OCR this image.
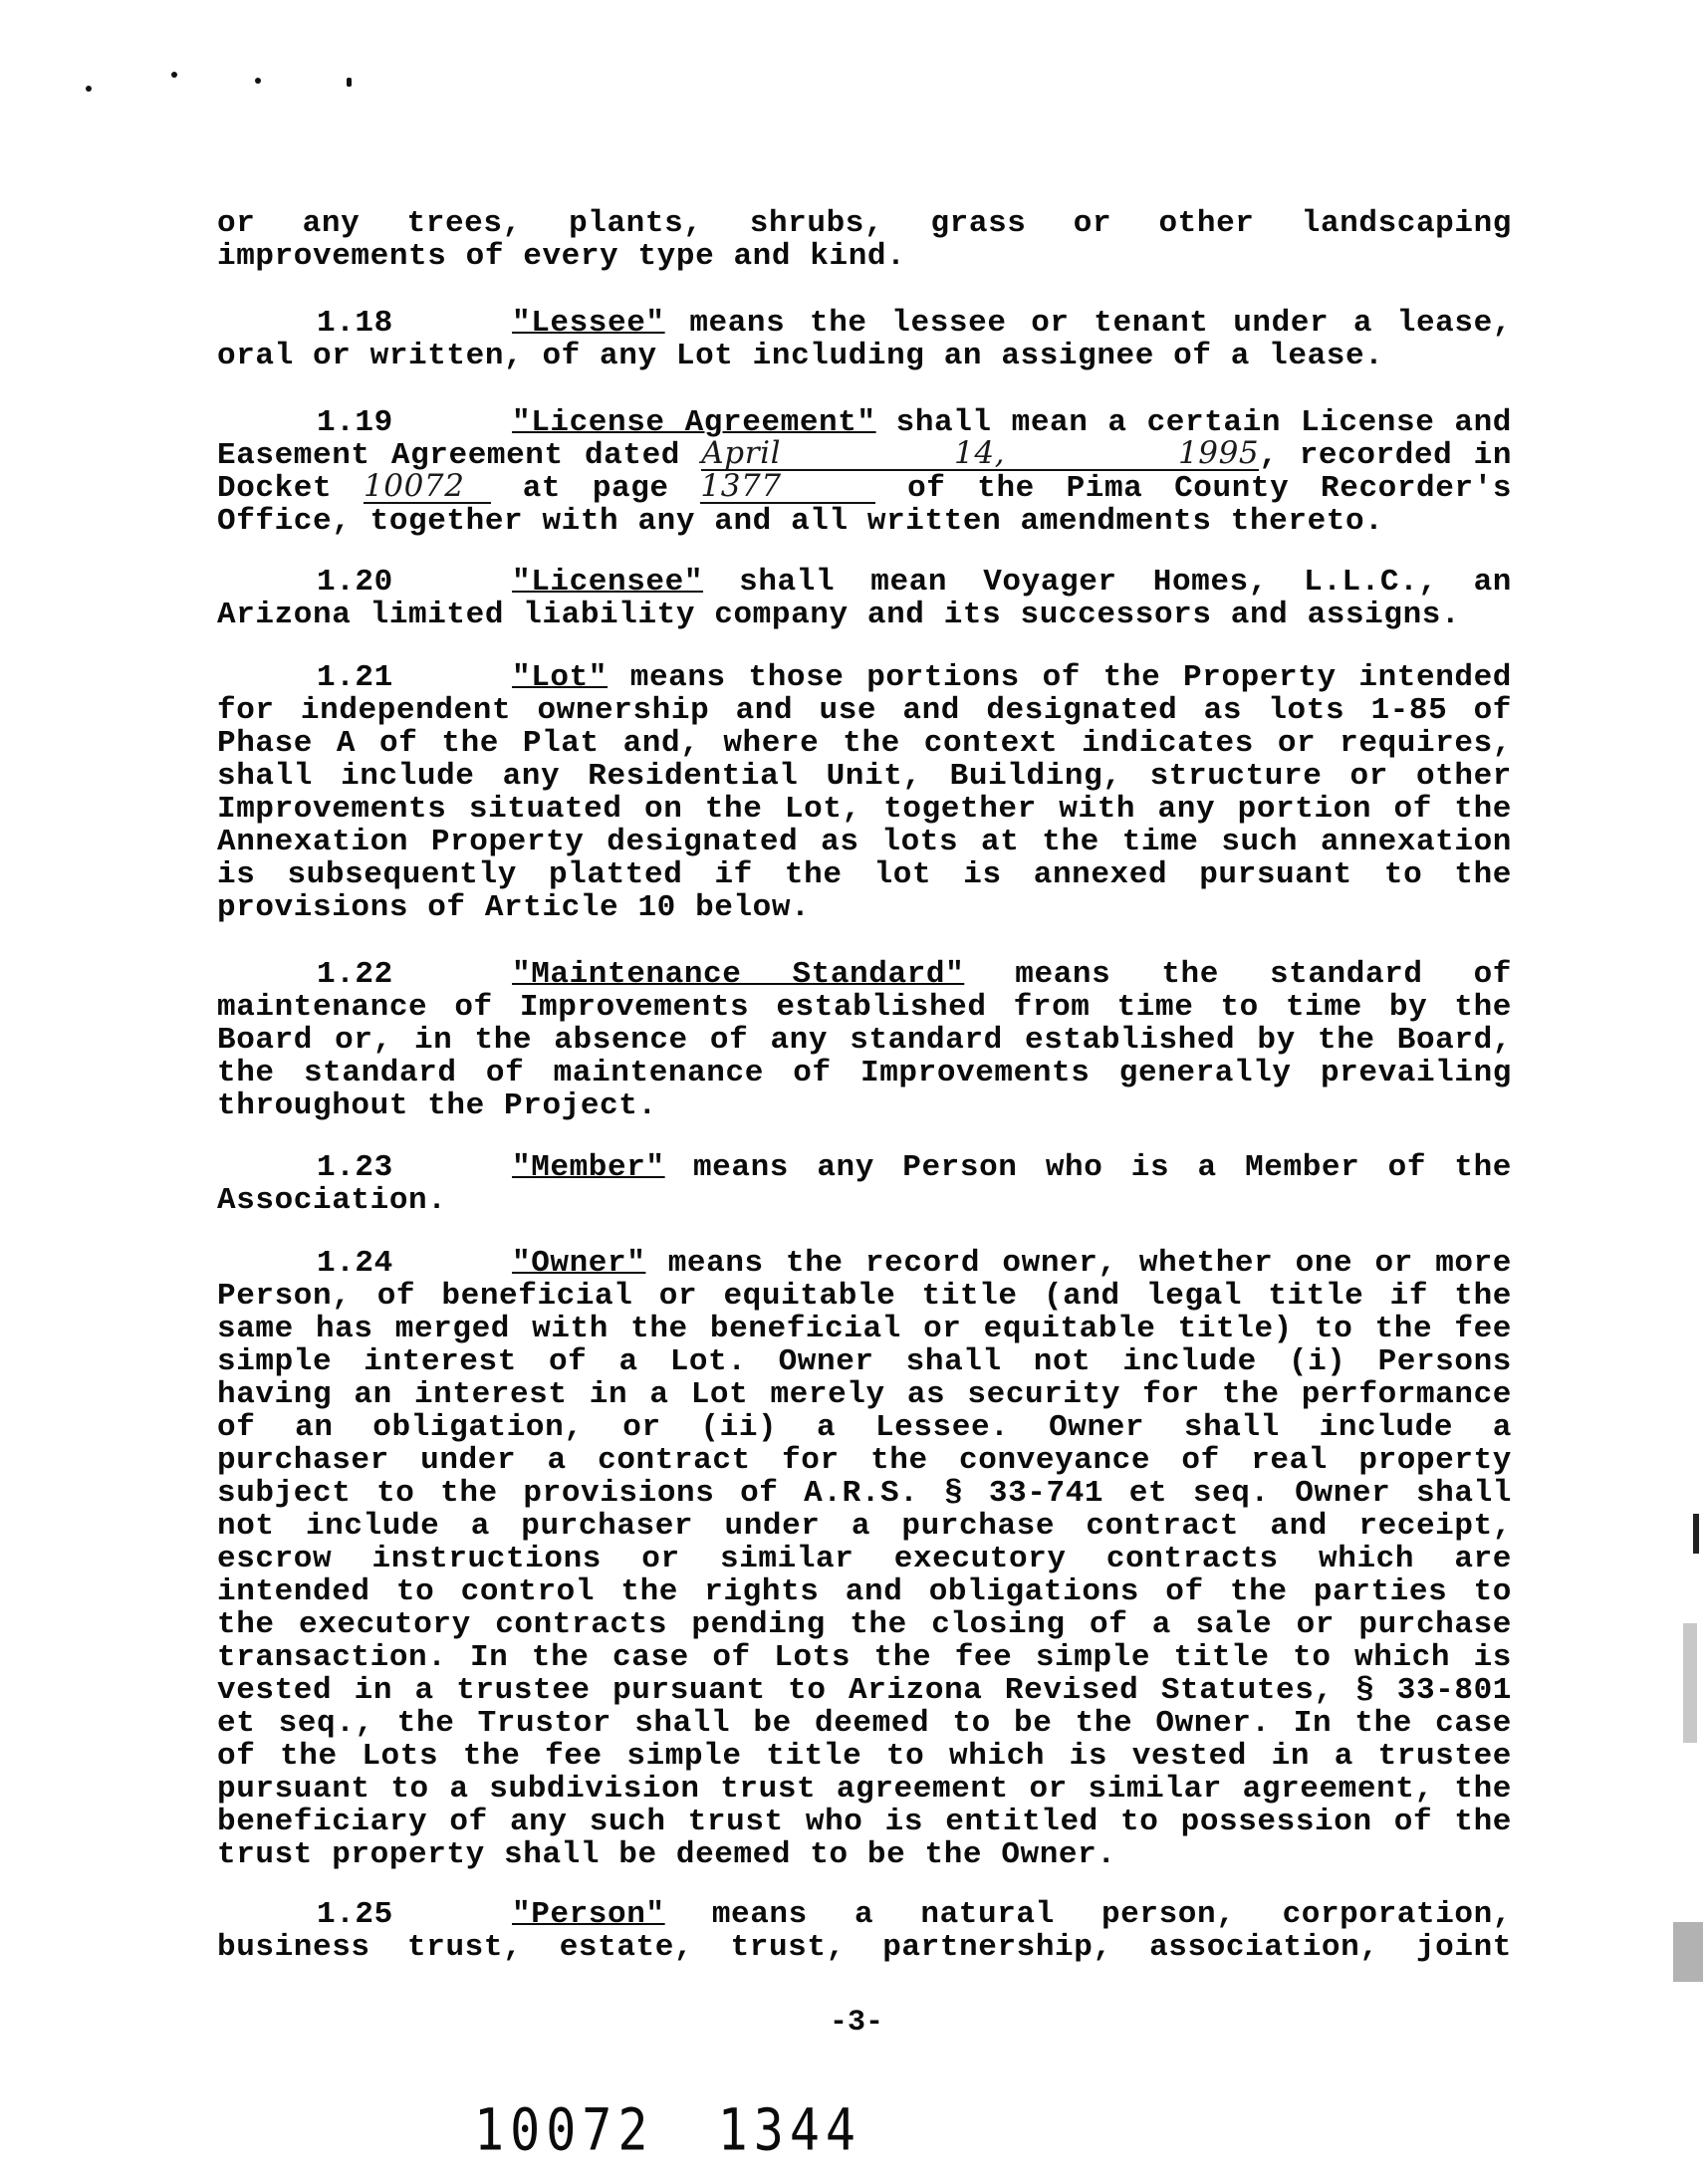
or any trees, plants, shrubs, grass or other landscaping
improvements of every type and kind.
1.18	"Lessee" means the lessee or tenant under a lease,
oral or written, of any Lot including an assignee of a lease.
1.19	"License Agreement" shall mean a certain License and
Easement Agreement dated April 14, 1995, recorded in
Docket 10072 at page 1377	of the Pima County Recorder's
Office, together with any and all written amendments thereto.
1.20	"Licensee" shall mean Voyager Homes, L.L.C., an
Arizona limited liability company and its successors and assigns.
1.21	"Lot" means those portions of the Property intended
for independent ownership and use and designated as lots 1-85 of
Phase A of the Plat and, where the context indicates or requires,
shall include any Residential Unit, Building, structure or other
Improvements situated on the Lot, together with any portion of the
Annexation Property designated as lots at the time such annexation
is subsequently platted if the lot is annexed pursuant to the
provisions of Article 10 below.
1.22	"Maintenance Standard" means the standard of
maintenance of Improvements established from time to time by the
Board or, in the absence of any standard established by the Board,
the standard of maintenance of Improvements generally prevailing
throughout the Project.
1.23	"Member" means any Person who is a Member of the
Association.
1.24	"Owner" means the record owner, whether one or more
Person, of beneficial or equitable title (and legal title if the
same has merged with the beneficial or equitable title) to the fee
simple interest of a Lot. Owner shall not include (i) Persons
having an interest in a Lot merely as security for the performance
of an obligation, or (ii) a Lessee. Owner shall include a
purchaser under a contract for the conveyance of real property
subject to the provisions of A.R.S. § 33-741 et seq. Owner shall
not include a purchaser under a purchase contract and receipt,
escrow instructions or similar executory contracts which are
intended to control the rights and obligations of the parties to
the executory contracts pending the closing of a sale or purchase
transaction. In the case of Lots the fee simple title to which is
vested in a trustee pursuant to Arizona Revised Statutes, § 33-801
et seq., the Trustor shall be deemed to be the Owner. In the case
of the Lots the fee simple title to which is vested in a trustee
pursuant to a subdivision trust agreement or similar agreement, the
beneficiary of any such trust who is entitled to possession of the
trust property shall be deemed to be the Owner.
1.25	"Person" means a natural person, corporation,
business trust, estate, trust, partnership, association, joint
-3-
10072 1344
